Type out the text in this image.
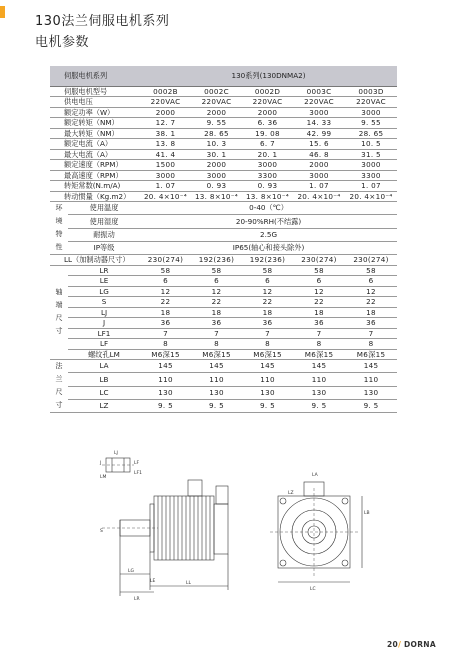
130法兰伺服电机系列
电机参数
伺服电机系列		130系列(130DNMA2)				
伺服电机型号		0002B	0002C	0002D	0003C	0003D
供电电压		220VAC	220VAC	220VAC	220VAC	220VAC
额定功率（W）		2000	2000	2000	3000	3000
额定转矩（NM）		12. 7	9. 55	6. 36	14. 33	9. 55
最大转矩（NM）		38. 1	28. 65	19. 08	42. 99	28. 65
额定电流（A）		13. 8	10. 3	6. 7	15. 6	10. 5
最大电流（A）		41. 4	30. 1	20. 1	46. 8	31. 5
额定速度（RPM）		1500	2000	3000	2000	3000
最高速度（RPM）		3000	3000	3300	3000	3300
转矩常数(N.m/A)		1. 07	0. 93	0. 93	1. 07	1. 07
转动惯量（Kg.m2）		20. 4×10⁻⁴	13. 8×10⁻⁴	13. 8×10⁻⁴	20. 4×10⁻⁴	20. 4×10⁻⁴
环
境
特
性	使用温度	0-40（℃）				
	使用湿度	20-90%RH(不结露)				
	耐振动	2.5G				
	IP等级	IP65(轴心和接头除外)				
LL（加制动器尺寸）		230(274)	192(236)	192(236)	230(274)	230(274)
轴
端
尺
寸	LR	58	58	58	58	58
	LE	6	6	6	6	6
	LG	12	12	12	12	12
	S	22	22	22	22	22
	LJ	18	18	18	18	18
	J	36	36	36	36	36
	LF1	7	7	7	7	7
	LF	8	8	8	8	8
	螺纹孔LM	M6深15	M6深15	M6深15	M6深15	M6深15
法
兰
尺
寸	LA	145	145	145	145	145
	LB	110	110	110	110	110
	LC	130	130	130	130	130
	LZ	9. 5	9. 5	9. 5	9. 5	9. 5
LG
LR
LE	LL
LA
LB
LC
LZ
S
J
LJ
LF
LF1
LM
20/ DORNA
